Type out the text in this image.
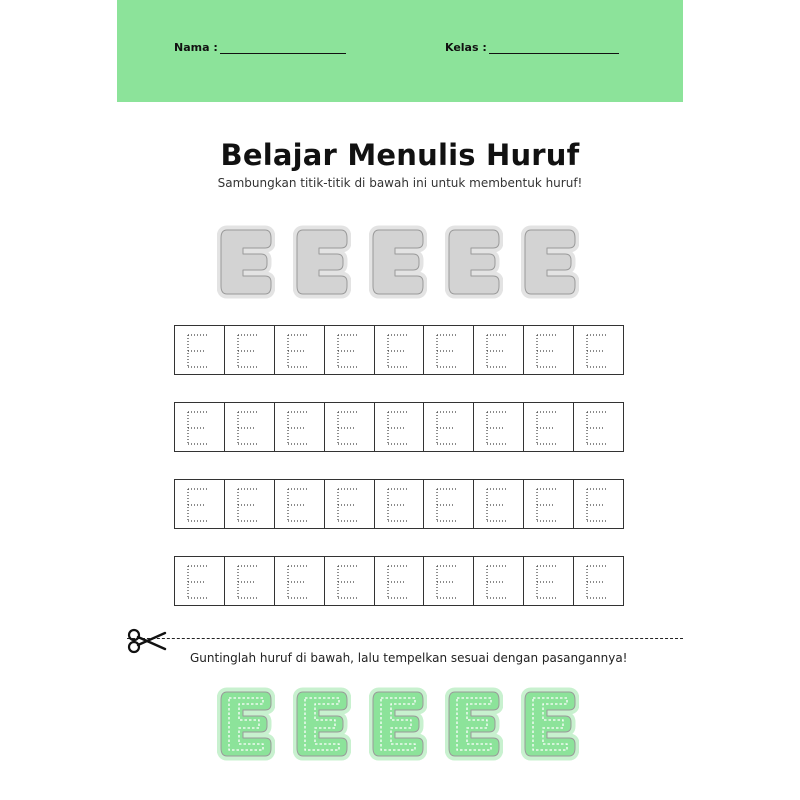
Nama :	Kelas :
Belajar Menulis Huruf
Sambungkan titik-titik di bawah ini untuk membentuk huruf!
Guntinglah huruf di bawah, lalu tempelkan sesuai dengan pasangannya!
